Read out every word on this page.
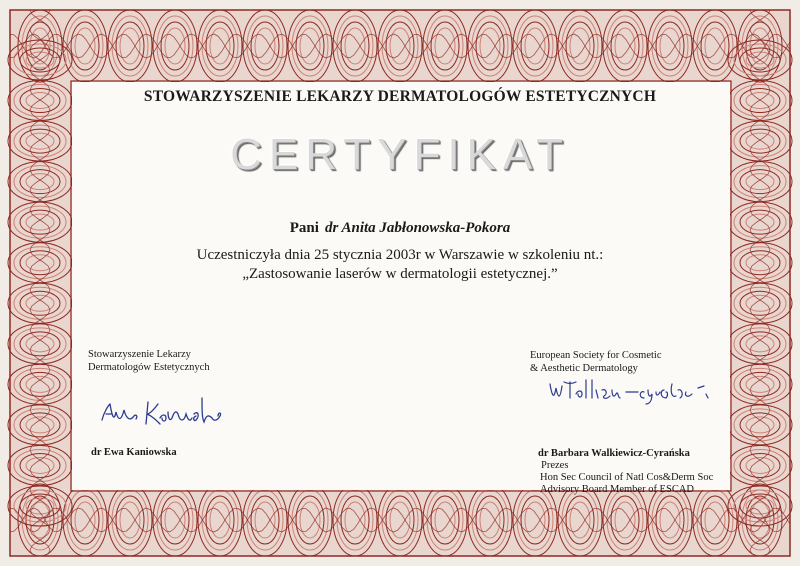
STOWARZYSZENIE LEKARZY DERMATOLOGÓW ESTETYCZNYCH
CERTYFIKAT
Pani dr Anita Jabłonowska-Pokora
Uczestniczyła dnia 25 stycznia 2003r w Warszawie w szkoleniu nt.:
„Zastosowanie laserów w dermatologii estetycznej.”
Stowarzyszenie Lekarzy
Dermatologów Estetycznych
European Society for Cosmetic
& Aesthetic Dermatology
dr Ewa Kaniowska	dr Barbara Walkiewicz-Cyrańska
Prezes
Hon Sec Council of Natl Cos&Derm Soc
Advisory Board Member of ESCAD
